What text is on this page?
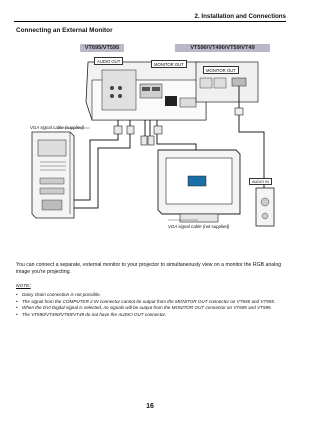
2. Installation and Connections
Connecting an External Monitor
VT695/VT595	VT590/VT490/VT59/VT49
AUDIO OUT
MONITOR OUT
MONITOR OUT
AUDIO IN
VGA signal cable (supplied)
VGA signal cable (not supplied)
You can connect a separate, external monitor to your projector to simultaneously view on a monitor the RGB analog image you're projecting.
NOTE:
• Daisy chain connection is not possible.
• The signal from the COMPUTER 2 IN connector cannot be output from the MONITOR OUT connector on VT695 and VT595.
• When the DVI Digital signal is selected, no signals will be output from the MONITOR OUT connector on VT695 and VT595.
• The VT590/VT490/VT59/VT49 do not have the AUDIO OUT connector.
16
